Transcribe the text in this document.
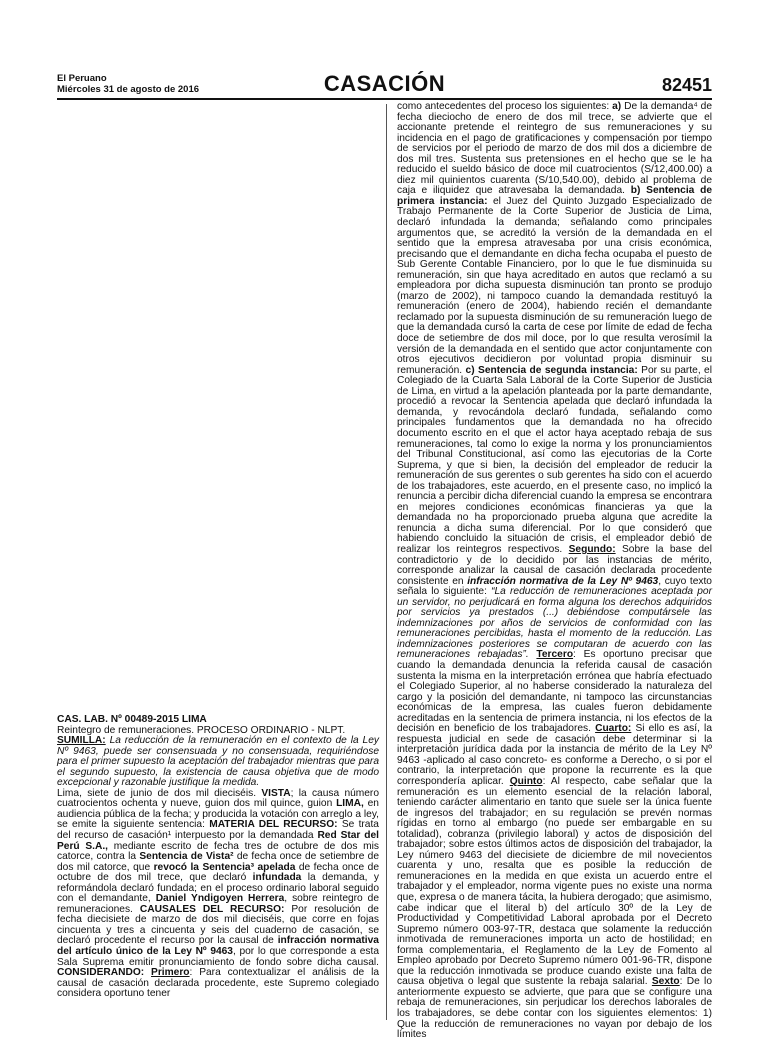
El Peruano
Miércoles 31 de agosto de 2016	CASACIÓN	82451

CAS. LAB. Nº 00489-2015 LIMA

Reintegro de remuneraciones. PROCESO ORDINARIO - NLPT.

SUMILLA: La reducción de la remuneración en el contexto de la Ley Nº 9463, puede ser consensuada y no consensuada, requiriéndose para el primer supuesto la aceptación del trabajador mientras que para el segundo supuesto, la existencia de causa objetiva que de modo excepcional y razonable justifique la medida.

Lima, siete de junio de dos mil dieciséis. VISTA; la causa número cuatrocientos ochenta y nueve, guion dos mil quince, guion LIMA, en audiencia pública de la fecha; y producida la votación con arreglo a ley, se emite la siguiente sentencia: MATERIA DEL RECURSO: Se trata del recurso de casación¹ interpuesto por la demandada Red Star del Perú S.A., mediante escrito de fecha tres de octubre de dos mis catorce, contra la Sentencia de Vista² de fecha once de setiembre de dos mil catorce, que revocó la Sentencia³ apelada de fecha once de octubre de dos mil trece, que declaró infundada la demanda, y reformándola declaró fundada; en el proceso ordinario laboral seguido con el demandante, Daniel Yndigoyen Herrera, sobre reintegro de remuneraciones. CAUSALES DEL RECURSO: Por resolución de fecha diecisiete de marzo de dos mil dieciséis, que corre en fojas cincuenta y tres a cincuenta y seis del cuaderno de casación, se declaró procedente el recurso por la causal de infracción normativa del artículo único de la Ley Nº 9463, por lo que corresponde a esta Sala Suprema emitir pronunciamiento de fondo sobre dicha causal. CONSIDERANDO: Primero: Para contextualizar el análisis de la causal de casación declarada procedente, este Supremo colegiado considera oportuno tener

como antecedentes del proceso los siguientes: a) De la demanda⁴ de fecha dieciocho de enero de dos mil trece, se advierte que el accionante pretende el reintegro de sus remuneraciones y su incidencia en el pago de gratificaciones y compensación por tiempo de servicios por el periodo de marzo de dos mil dos a diciembre de dos mil tres. Sustenta sus pretensiones en el hecho que se le ha reducido el sueldo básico de doce mil cuatrocientos (S/12,400.00) a diez mil quinientos cuarenta (S/10,540.00), debido al problema de caja e iliquidez que atravesaba la demandada. b) Sentencia de primera instancia: el Juez del Quinto Juzgado Especializado de Trabajo Permanente de la Corte Superior de Justicia de Lima, declaró infundada la demanda; señalando como principales argumentos que, se acreditó la versión de la demandada en el sentido que la empresa atravesaba por una crisis económica, precisando que el demandante en dicha fecha ocupaba el puesto de Sub Gerente Contable Financiero, por lo que le fue disminuida su remuneración, sin que haya acreditado en autos que reclamó a su empleadora por dicha supuesta disminución tan pronto se produjo (marzo de 2002), ni tampoco cuando la demandada restituyó la remuneración (enero de 2004), habiendo recién el demandante reclamado por la supuesta disminución de su remuneración luego de que la demandada cursó la carta de cese por límite de edad de fecha doce de setiembre de dos mil doce, por lo que resulta verosímil la versión de la demandada en el sentido que actor conjuntamente con otros ejecutivos decidieron por voluntad propia disminuir su remuneración. c) Sentencia de segunda instancia: Por su parte, el Colegiado de la Cuarta Sala Laboral de la Corte Superior de Justicia de Lima, en virtud a la apelación planteada por la parte demandante, procedió a revocar la Sentencia apelada que declaró infundada la demanda, y revocándola declaró fundada, señalando como principales fundamentos que la demandada no ha ofrecido documento escrito en el que el actor haya aceptado rebaja de sus remuneraciones, tal como lo exige la norma y los pronunciamientos del Tribunal Constitucional, así como las ejecutorias de la Corte Suprema, y que si bien, la decisión del empleador de reducir la remuneración de sus gerentes o sub gerentes ha sido con el acuerdo de los trabajadores, este acuerdo, en el presente caso, no implicó la renuncia a percibir dicha diferencial cuando la empresa se encontrara en mejores condiciones económicas financieras ya que la demandada no ha proporcionado prueba alguna que acredite la renuncia a dicha suma diferencial. Por lo que consideró que habiendo concluido la situación de crisis, el empleador debió de realizar los reintegros respectivos. Segundo: Sobre la base del contradictorio y de lo decidido por las instancias de mérito, corresponde analizar la causal de casación declarada procedente consistente en infracción normativa de la Ley Nº 9463, cuyo texto señala lo siguiente: “La reducción de remuneraciones aceptada por un servidor, no perjudicará en forma alguna los derechos adquiridos por servicios ya prestados (...) debiéndose computársele las indemnizaciones por años de servicios de conformidad con las remuneraciones percibidas, hasta el momento de la reducción. Las indemnizaciones posteriores se computaran de acuerdo con las remuneraciones rebajadas”. Tercero: Es oportuno precisar que cuando la demandada denuncia la referida causal de casación sustenta la misma en la interpretación errónea que habría efectuado el Colegiado Superior, al no haberse considerado la naturaleza del cargo y la posición del demandante, ni tampoco las circunstancias económicas de la empresa, las cuales fueron debidamente acreditadas en la sentencia de primera instancia, ni los efectos de la decisión en beneficio de los trabajadores. Cuarto: Si ello es así, la respuesta judicial en sede de casación debe determinar si la interpretación jurídica dada por la instancia de mérito de la Ley Nº 9463 -aplicado al caso concreto- es conforme a Derecho, o si por el contrario, la interpretación que propone la recurrente es la que correspondería aplicar. Quinto: Al respecto, cabe señalar que la remuneración es un elemento esencial de la relación laboral, teniendo carácter alimentario en tanto que suele ser la única fuente de ingresos del trabajador; en su regulación se prevén normas rígidas en torno al embargo (no puede ser embargable en su totalidad), cobranza (privilegio laboral) y actos de disposición del trabajador; sobre estos últimos actos de disposición del trabajador, la Ley número 9463 del diecisiete de diciembre de mil novecientos cuarenta y uno, resalta que es posible la reducción de remuneraciones en la medida en que exista un acuerdo entre el trabajador y el empleador, norma vigente pues no existe una norma que, expresa o de manera tácita, la hubiera derogado; que asimismo, cabe indicar que el literal b) del artículo 30º de la Ley de Productividad y Competitividad Laboral aprobada por el Decreto Supremo número 003-97-TR, destaca que solamente la reducción inmotivada de remuneraciones importa un acto de hostilidad; en forma complementaria, el Reglamento de la Ley de Fomento al Empleo aprobado por Decreto Supremo número 001-96-TR, dispone que la reducción inmotivada se produce cuando existe una falta de causa objetiva o legal que sustente la rebaja salarial. Sexto: De lo anteriormente expuesto se advierte, que para que se configure una rebaja de remuneraciones, sin perjudicar los derechos laborales de los trabajadores, se debe contar con los siguientes elementos: 1) Que la reducción de remuneraciones no vayan por debajo de los límites
